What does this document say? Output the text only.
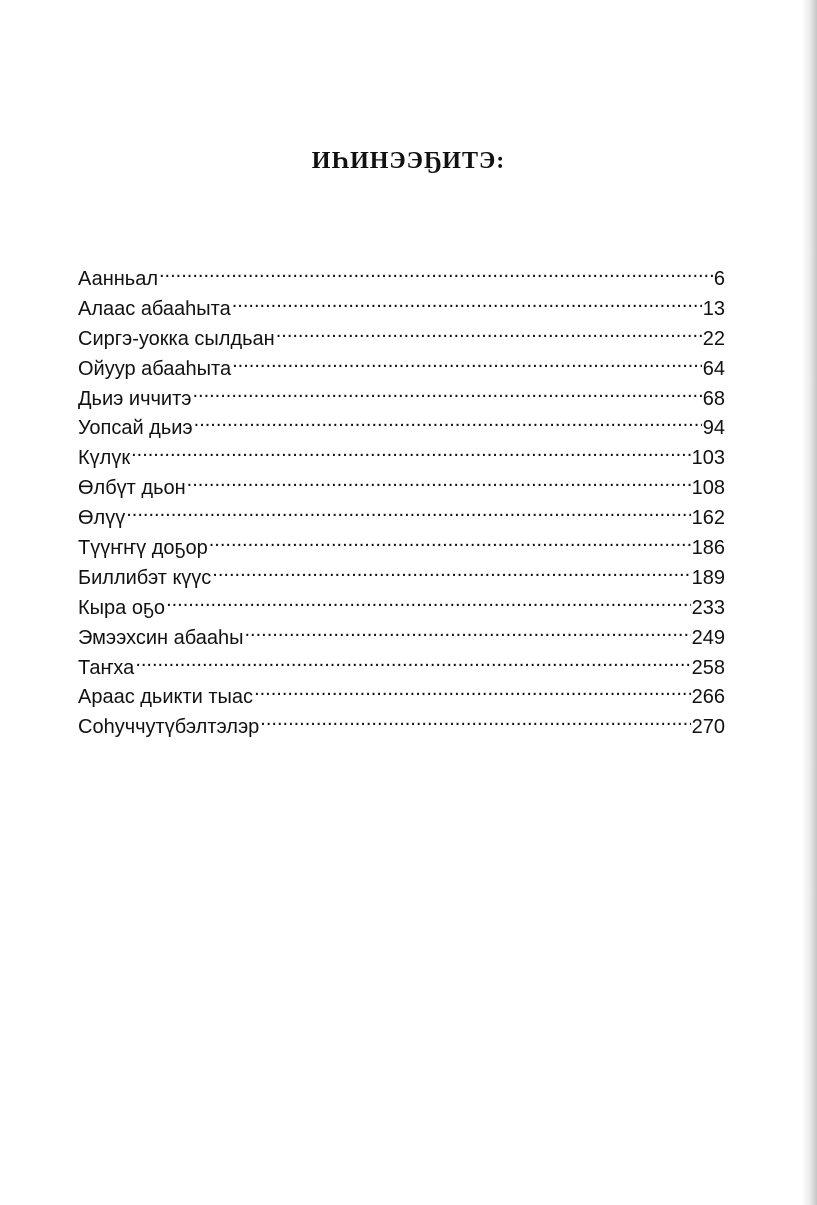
ИҺИНЭЭҔИТЭ:
Аанньал .....	6
Алаас абааһыта .....	13
Сиргэ-уокка сылдьан .....	22
Ойуур абааһыта .....	64
Дьиэ иччитэ .....	68
Уопсай дьиэ .....	94
Күлүк .....	103
Өлбүт дьон .....	108
Өлүү .....	162
Түүҥҥү доҕор .....	186
Биллибэт күүс .....	189
Кыра оҕо .....	233
Эмээхсин абааһы .....	249
Таҥха .....	258
Араас дьикти тыас .....	266
Соһуччутүбэлтэлэр .....	270
